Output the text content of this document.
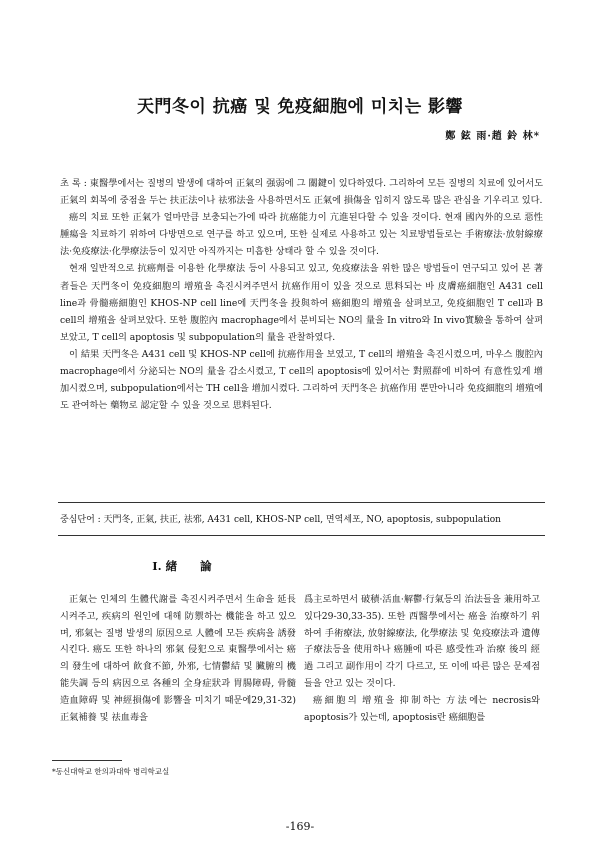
天門冬이 抗癌 및 免疫細胞에 미치는 影響
鄭 鉉 雨·趙 鈴 林*

초 록 : 東醫學에서는 질병의 발생에 대하여 正氣의 强弱에 그 關鍵이 있다하였다. 그리하여 모든 질병의 치료에 있어서도 正氣의 회복에 중점을 두는 扶正法이나 祛邪法을 사용하면서도 正氣에 損傷을 입히지 않도록 많은 관심을 기우리고 있다.

癌의 치료 또한 正氣가 얼마만큼 보충되는가에 따라 抗癌能力이 亢進된다할 수 있을 것이다. 현재 國內外的으로 惡性腫瘍을 치료하기 위하여 다방면으로 연구를 하고 있으며, 또한 실제로 사용하고 있는 치료방법들로는 手術療法·放射線療法·免疫療法·化學療法등이 있지만 아직까지는 미흡한 상태라 할 수 있을 것이다.

현재 일반적으로 抗癌劑를 이용한 化學療法 등이 사용되고 있고, 免疫療法을 위한 많은 방법들이 연구되고 있어 본 著者들은 天門冬이 免疫細胞의 增殖을 촉진시켜주면서 抗癌作用이 있을 것으로 思料되는 바 皮膚癌細胞인 A431 cell line과 骨髓癌細胞인 KHOS-NP cell line에 天門冬을 投與하여 癌細胞의 增殖을 살펴보고, 免疫細胞인 T cell과 B cell의 增殖을 살펴보았다. 또한 腹腔內 macrophage에서 분비되는 NO의 量을 In vitro와 In vivo實驗을 통하여 살펴보았고, T cell의 apoptosis 및 subpopulation의 量을 관찰하였다.

이 結果 天門冬은 A431 cell 및 KHOS-NP cell에 抗癌作用을 보였고, T cell의 增殖을 촉진시켰으며, 마우스 腹腔內 macrophage에서 分泌되는 NO의 量을 감소시켰고, T cell의 apoptosis에 있어서는 對照群에 비하여 有意性있게 增加시켰으며, subpopulation에서는 TH cell을 增加시켰다. 그리하여 天門冬은 抗癌作用 뿐만아니라 免疫細胞의 增殖에도 관여하는 藥物로 認定할 수 있을 것으로 思料된다.

중심단어 : 天門冬, 正氣, 扶正, 祛邪, A431 cell, KHOS-NP cell, 면역세포, NO, apoptosis, subpopulation
I. 緖　　論

正氣는 인체의 生體代謝를 촉진시켜주면서 生命을 延長시켜주고, 疾病의 원인에 대해 防禦하는 機能을 하고 있으며, 邪氣는 질병 발생의 原因으로 人體에 모든 疾病을 誘發시킨다. 癌도 또한 하나의 邪氣 侵犯으로 東醫學에서는 癌의 發生에 대하여 飮食不節, 外邪, 七情鬱結 및 臟腑의 機能失調 등의 病因으로 各種의 全身症狀과 胃腸障碍, 骨髓造血障碍 및 神經損傷에 影響을 미치기 때문에29,31-32) 正氣補養 및 祛血毒을

爲主로하면서 破積·活血·解鬱·行氣등의 治法들을 兼用하고 있다29-30,33-35). 또한 西醫學에서는 癌을 治療하기 위하여 手術療法, 放射線療法, 化學療法 및 免疫療法과 遺傳子療法등을 使用하나 癌腫에 따른 感受性과 治療 後의 經過 그리고 副作用이 각기 다르고, 또 이에 따른 많은 문제점들을 안고 있는 것이다.

癌細胞의 增殖을 抑制하는 方法에는 necrosis와 apoptosis가 있는데, apoptosis란 癌細胞를

*동신대학교 한의과대학 병리학교실
-169-
